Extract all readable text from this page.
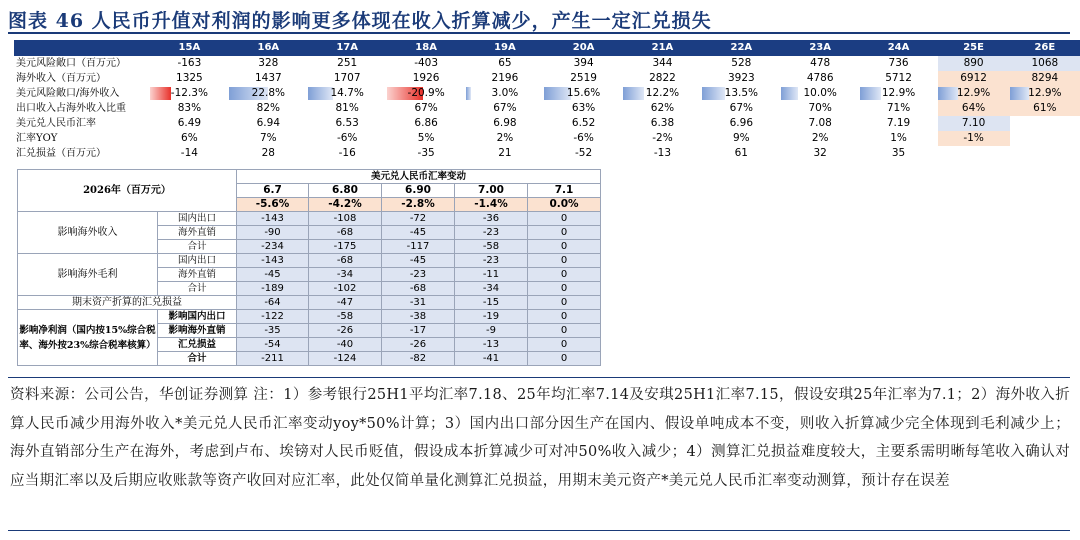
图表 46 人民币升值对利润的影响更多体现在收入折算减少，产生一定汇兑损失
	15A	16A	17A	18A	19A	20A	21A	22A	23A	24A	25E	26E
美元风险敞口（百万元）	-163	328	251	-403	65	394	344	528	478	736	890	1068
海外收入（百万元）	1325	1437	1707	1926	2196	2519	2822	3923	4786	5712	6912	8294
美元风险敞口/海外收入	-12.3%	22.8%	14.7%	-20.9%	3.0%	15.6%	12.2%	13.5%	10.0%	12.9%	12.9%	12.9%
出口收入占海外收入比重	83%	82%	81%	67%	67%	63%	62%	67%	70%	71%	64%	61%
美元兑人民币汇率	6.49	6.94	6.53	6.86	6.98	6.52	6.38	6.96	7.08	7.19	7.10	
汇率YOY	6%	7%	-6%	5%	2%	-6%	-2%	9%	2%	1%	-1%	
汇兑损益（百万元）	-14	28	-16	-35	21	-52	-13	61	32	35		
2026年（百万元）		美元兑人民币汇率变动				
		6.7	6.80	6.90	7.00	7.1
		-5.6%	-4.2%	-2.8%	-1.4%	0.0%
影响海外收入	国内出口	-143	-108	-72	-36	0
	海外直销	-90	-68	-45	-23	0
	合计	-234	-175	-117	-58	0
影响海外毛利	国内出口	-143	-68	-45	-23	0
	海外直销	-45	-34	-23	-11	0
	合计	-189	-102	-68	-34	0
期末资产折算的汇兑损益		-64	-47	-31	-15	0
影响净利润（国内按15%综合税率、海外按23%综合税率核算）	影响国内出口	-122	-58	-38	-19	0
	影响海外直销	-35	-26	-17	-9	0
	汇兑损益	-54	-40	-26	-13	0
	合计	-211	-124	-82	-41	0
资料来源：公司公告，华创证券测算 注：1）参考银行25H1平均汇率7.18、25年均汇率7.14及安琪25H1汇率7.15，假设安琪25年汇率为7.1；2）海外收入折算人民币减少用海外收入*美元兑人民币汇率变动yoy*50%计算；3）国内出口部分因生产在国内、假设单吨成本不变，则收入折算减少完全体现到毛利减少上；海外直销部分生产在海外，考虑到卢布、埃镑对人民币贬值，假设成本折算减少可对冲50%收入减少；4）测算汇兑损益难度较大，主要系需明晰每笔收入确认对应当期汇率以及后期应收账款等资产收回对应汇率，此处仅简单量化测算汇兑损益，用期末美元资产*美元兑人民币汇率变动测算，预计存在误差
